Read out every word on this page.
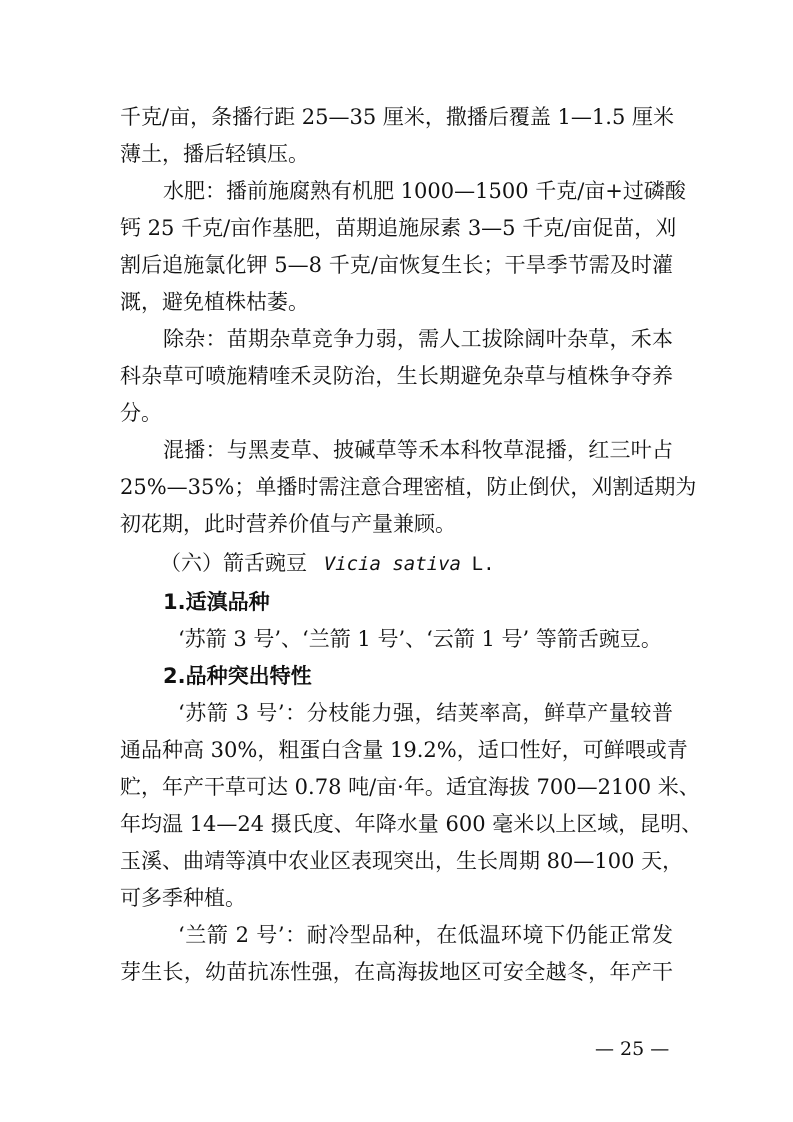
千克/亩，条播行距 25—35 厘米，撒播后覆盖 1—1.5 厘米
薄土，播后轻镇压。
水肥：播前施腐熟有机肥 1000—1500 千克/亩+过磷酸
钙 25 千克/亩作基肥，苗期追施尿素 3—5 千克/亩促苗，刈
割后追施氯化钾 5—8 千克/亩恢复生长；干旱季节需及时灌
溉，避免植株枯萎。
除杂：苗期杂草竞争力弱，需人工拔除阔叶杂草，禾本
科杂草可喷施精喹禾灵防治，生长期避免杂草与植株争夺养
分。
混播：与黑麦草、披碱草等禾本科牧草混播，红三叶占
25%—35%；单播时需注意合理密植，防止倒伏，刈割适期为
初花期，此时营养价值与产量兼顾。
（六）箭舌豌豆 Vicia sativa L.
1.适滇品种
‘苏箭 3 号’、‘兰箭 1 号’、‘云箭 1 号’ 等箭舌豌豆。
2.品种突出特性
‘苏箭 3 号’：分枝能力强，结荚率高，鲜草产量较普
通品种高 30%，粗蛋白含量 19.2%，适口性好，可鲜喂或青
贮，年产干草可达 0.78 吨/亩·年。适宜海拔 700—2100 米、
年均温 14—24 摄氏度、年降水量 600 毫米以上区域，昆明、
玉溪、曲靖等滇中农业区表现突出，生长周期 80—100 天，
可多季种植。
‘兰箭 2 号’：耐冷型品种，在低温环境下仍能正常发
芽生长，幼苗抗冻性强，在高海拔地区可安全越冬，年产干
— 25 —
